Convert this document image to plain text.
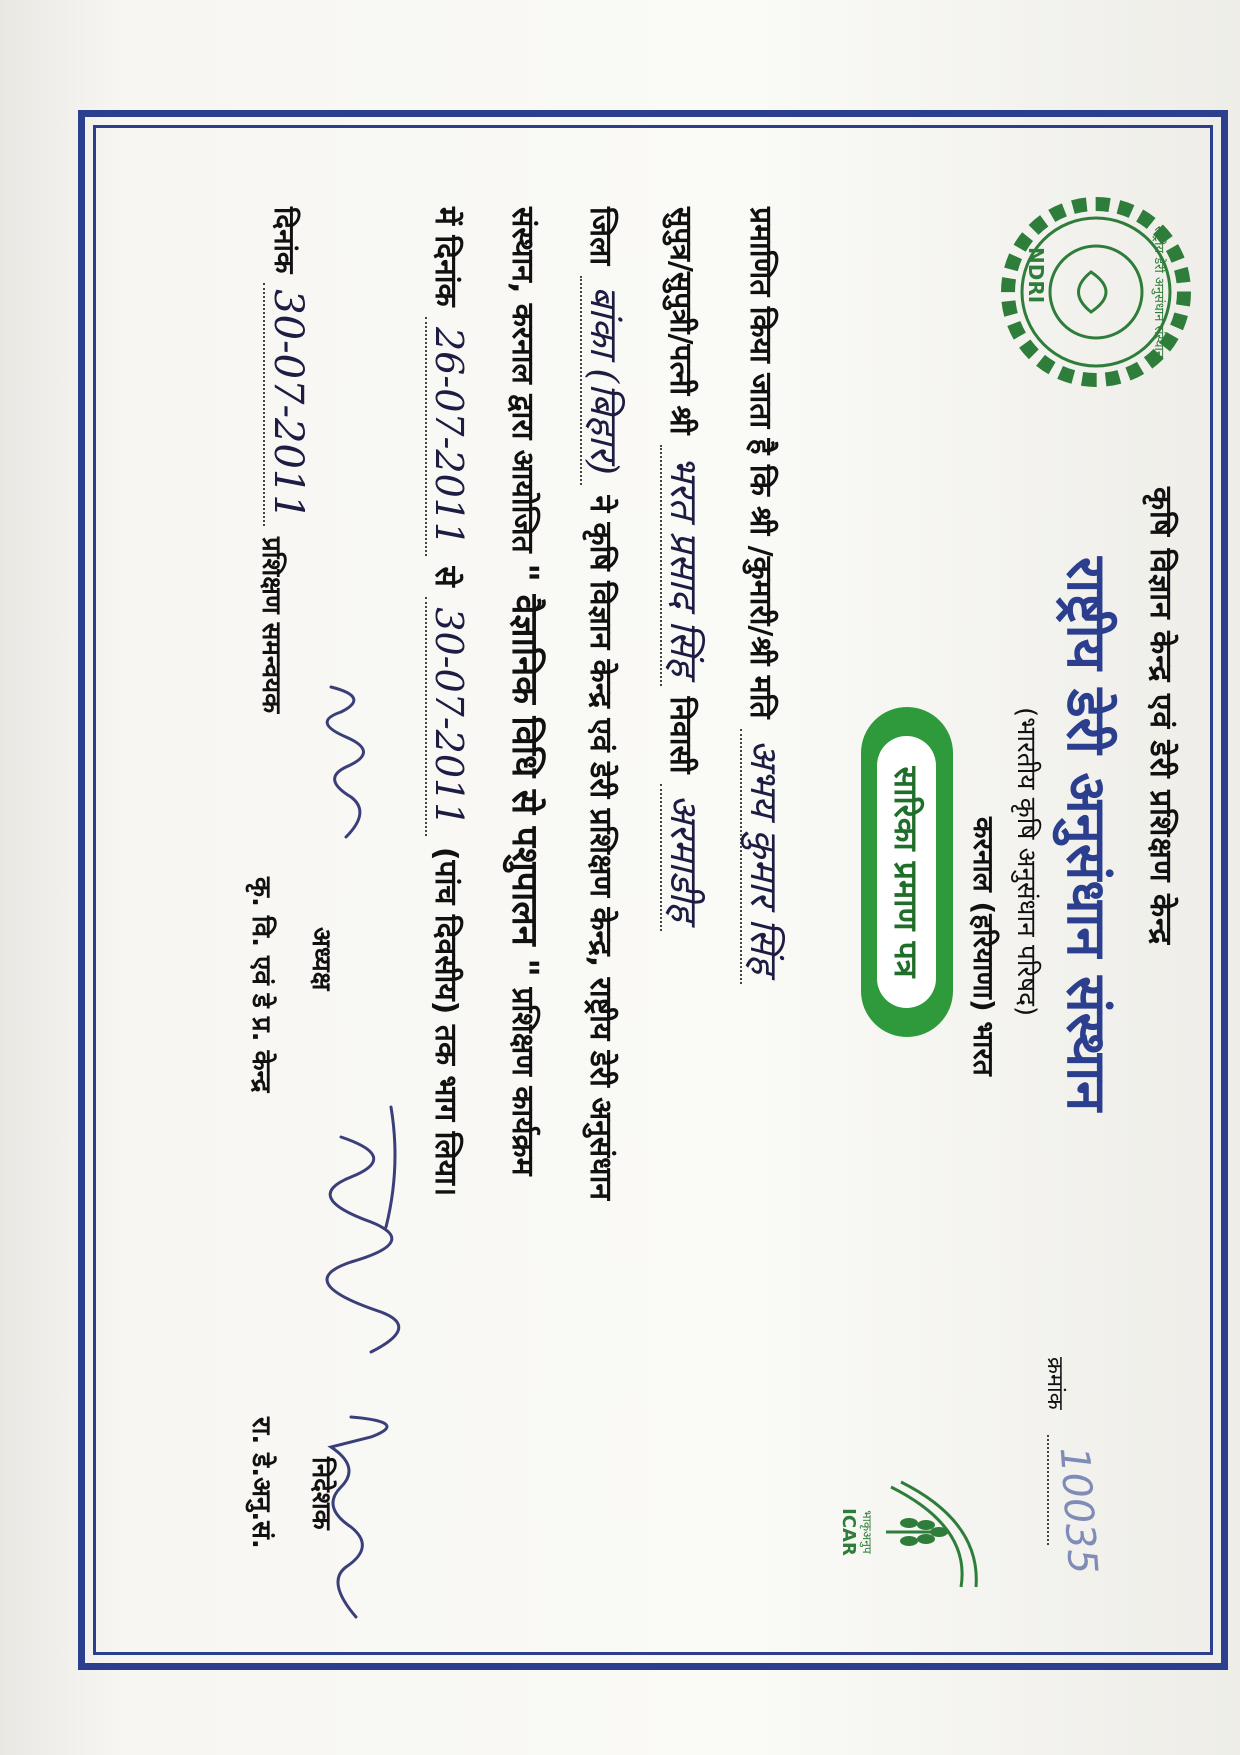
राष्ट्रीय डेरी अनुसंधान संस्थान
NDRI
भाकृअनुप
ICAR
कृषि विज्ञान केन्द्र एवं डेरी प्रशिक्षण केन्द्र
राष्ट्रीय डेरी अनुसंधान संस्थान
(भारतीय कृषि अनुसंधान परिषद)
करनाल (हरियाणा) भारत
क्रमांक
10035
सारिका प्रमाण पत्र
प्रमाणित किया जाता है कि श्री /कुमारी/श्री मति अभय कुमार सिंह
सुपुत्र/सुपुत्री/पत्नी श्री भरत प्रसाद सिंह निवासी अरमाडीह
जिला बांका (बिहार) ने कृषि विज्ञान केन्द्र एवं डेरी प्रशिक्षण केन्द्र, राष्ट्रीय डेरी अनुसंधान
संस्थान, करनाल द्वारा आयोजित " वैज्ञानिक विधि से पशुपालन " प्रशिक्षण कार्यक्रम
में दिनांक 26-07-2011 से 30-07-2011 (पांच दिवसीय) तक भाग लिया।
दिनांक 30-07-2011
प्रशिक्षण समन्वयक
अध्यक्ष
कृ. वि. एवं डे प्र. केन्द्र
निदेशक
रा. डे.अनु.सं.
